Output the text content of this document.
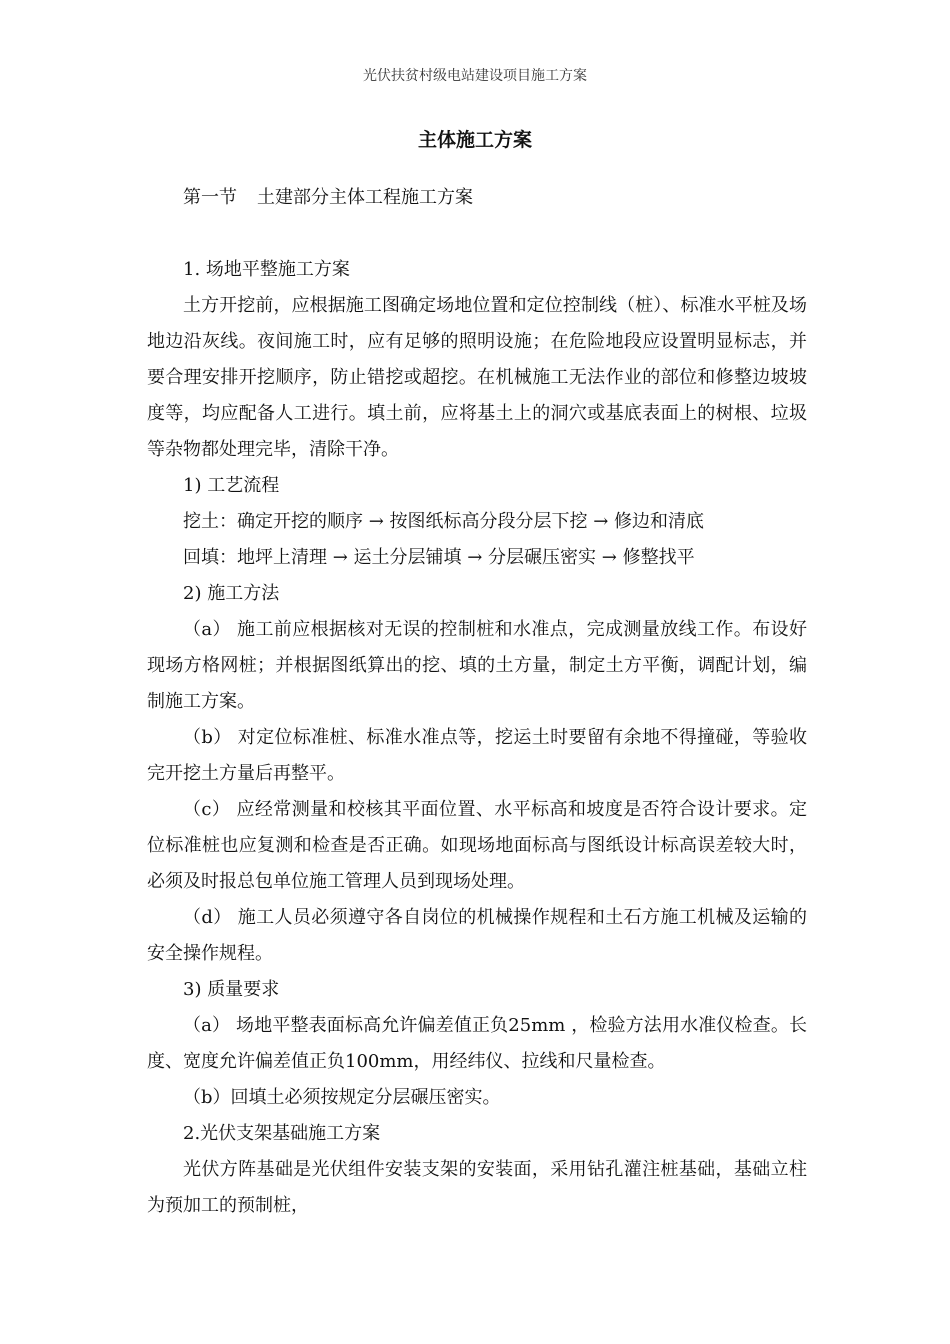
光伏扶贫村级电站建设项目施工方案
主体施工方案

第一节 土建部分主体工程施工方案

1. 场地平整施工方案

土方开挖前，应根据施工图确定场地位置和定位控制线（桩）、标准水平桩及场地边沿灰线。夜间施工时，应有足够的照明设施；在危险地段应设置明显标志，并要合理安排开挖顺序，防止错挖或超挖。在机械施工无法作业的部位和修整边坡坡度等，均应配备人工进行。填土前，应将基土上的洞穴或基底表面上的树根、垃圾等杂物都处理完毕，清除干净。

1) 工艺流程

挖土：确定开挖的顺序 → 按图纸标高分段分层下挖 → 修边和清底

回填：地坪上清理 → 运土分层铺填 → 分层碾压密实 → 修整找平

2) 施工方法

（a） 施工前应根据核对无误的控制桩和水准点，完成测量放线工作。布设好现场方格网桩；并根据图纸算出的挖、填的土方量，制定土方平衡，调配计划，编制施工方案。

（b） 对定位标准桩、标准水准点等，挖运土时要留有余地不得撞碰，等验收完开挖土方量后再整平。

（c） 应经常测量和校核其平面位置、水平标高和坡度是否符合设计要求。定位标准桩也应复测和检查是否正确。如现场地面标高与图纸设计标高误差较大时，必须及时报总包单位施工管理人员到现场处理。

（d） 施工人员必须遵守各自岗位的机械操作规程和土石方施工机械及运输的安全操作规程。

3) 质量要求

（a） 场地平整表面标高允许偏差值正负25mm ，检验方法用水准仪检查。长度、宽度允许偏差值正负100mm，用经纬仪、拉线和尺量检查。

（b）回填土必须按规定分层碾压密实。

2.光伏支架基础施工方案

光伏方阵基础是光伏组件安装支架的安装面，采用钻孔灌注桩基础，基础立柱为预加工的预制桩，
